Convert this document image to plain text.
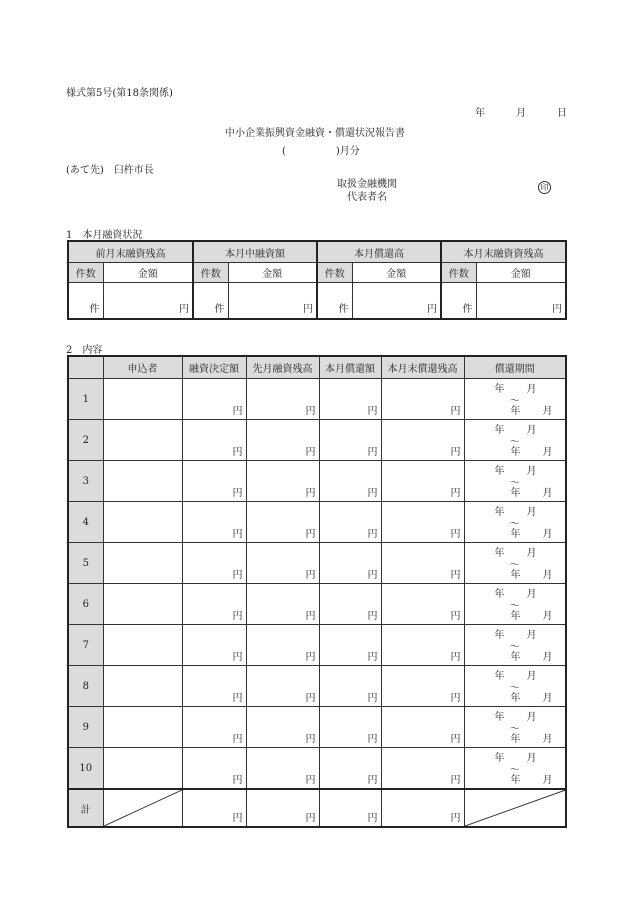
様式第5号(第18条関係)
年	月	日
中小企業振興資金融資・償還状況報告書
(　　　　　)月分
(あて先)　臼杵市長
取扱金融機関
代表者名
印
1　本月融資状況
前月末融資残高		本月中融資額		本月償還高		本月末融資資残高	
件数	金額	件数	金額	件数	金額	件数	金額
件	円	件	円	件	円	件	円
2　内容
	申込者	融資決定額	先月融資残高	本月償還額	本月末償還残高	償還期間
1		円	円	円	円	年 月
～
年 月

2		円	円	円	円	年 月
～
年 月

3		円	円	円	円	年 月
～
年 月

4		円	円	円	円	年 月
～
年 月

5		円	円	円	円	年 月
～
年 月

6		円	円	円	円	年 月
～
年 月

7		円	円	円	円	年 月
～
年 月

8		円	円	円	円	年 月
～
年 月

9		円	円	円	円	年 月
～
年 月

10		円	円	円	円	年 月
～
年 月

計		円	円	円	円	
